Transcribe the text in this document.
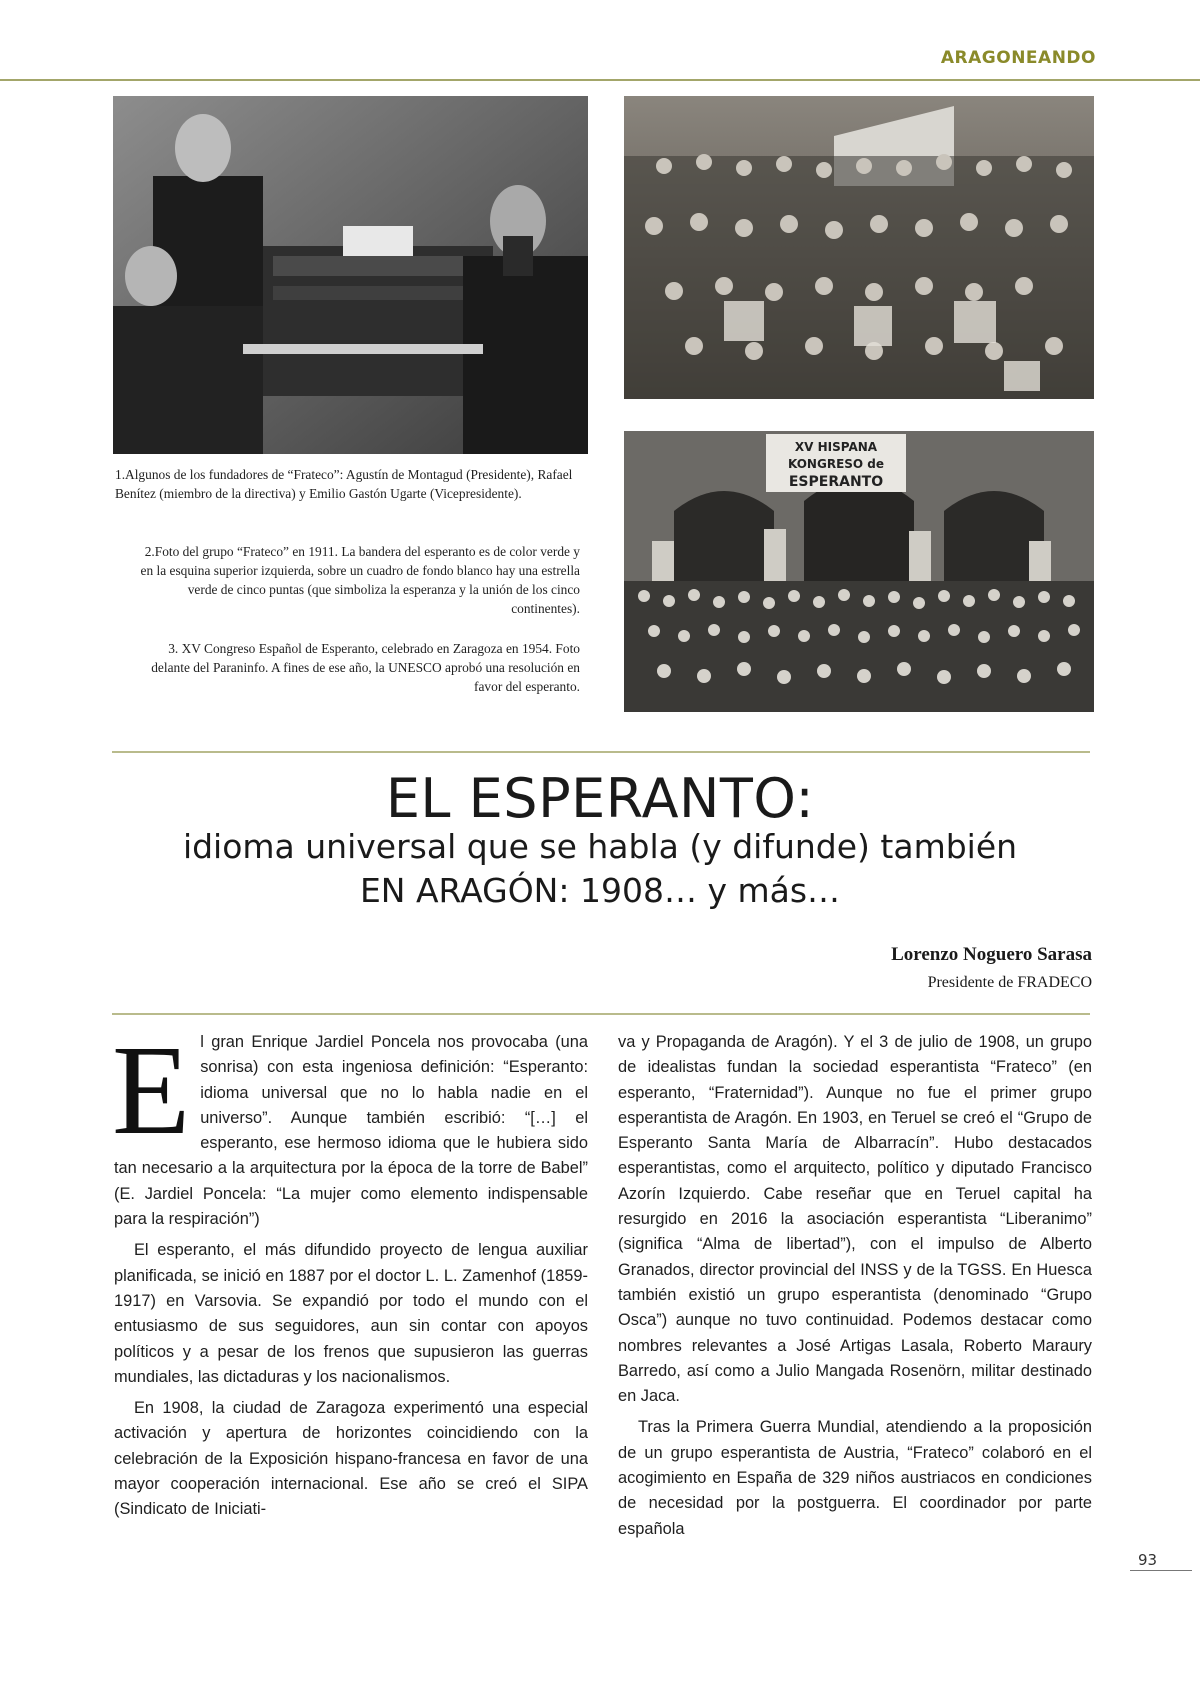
ARAGONEANDO
XV HISPANA
KONGRESO de
ESPERANTO
1.Algunos de los fundadores de “Frateco”: Agustín de Montagud (Presidente), Rafael Benítez (miembro de la directiva) y Emilio Gastón Ugarte (Vicepresidente).
2.Foto del grupo “Frateco” en 1911. La bandera del esperanto es de color verde y en la esquina superior izquierda, sobre un cuadro de fondo blanco hay una estrella verde de cinco puntas (que simboliza la esperanza y la unión de los cinco continentes).
3. XV Congreso Español de Esperanto, celebrado en Zaragoza en 1954. Foto delante del Paraninfo. A fines de ese año, la UNESCO aprobó una resolución en favor del esperanto.
EL ESPERANTO:
idioma universal que se habla (y difunde) también
EN ARAGÓN: 1908… y más…
Lorenzo Noguero Sarasa
Presidente de FRADECO

El gran Enrique Jardiel Poncela nos provocaba (una sonrisa) con esta ingeniosa definición: “Esperanto: idioma universal que no lo habla nadie en el universo”. Aunque también escribió: “[…] el esperanto, ese hermoso idioma que le hubiera sido tan necesario a la arquitectura por la época de la torre de Babel” (E. Jardiel Poncela: “La mujer como elemento indispensable para la respiración”)

El esperanto, el más difundido proyecto de lengua auxiliar planificada, se inició en 1887 por el doctor L. L. Zamenhof (1859-1917) en Varsovia. Se expandió por todo el mundo con el entusiasmo de sus seguidores, aun sin contar con apoyos políticos y a pesar de los frenos que supusieron las guerras mundiales, las dictaduras y los nacionalismos.

En 1908, la ciudad de Zaragoza experimentó una especial activación y apertura de horizontes coincidiendo con la celebración de la Exposición hispano-francesa en favor de una mayor cooperación internacional. Ese año se creó el SIPA (Sindicato de Iniciati-

va y Propaganda de Aragón). Y el 3 de julio de 1908, un grupo de idealistas fundan la sociedad esperantista “Frateco” (en esperanto, “Fraternidad”). Aunque no fue el primer grupo esperantista de Aragón. En 1903, en Teruel se creó el “Grupo de Esperanto Santa María de Albarracín”. Hubo destacados esperantistas, como el arquitecto, político y diputado Francisco Azorín Izquierdo. Cabe reseñar que en Teruel capital ha resurgido en 2016 la asociación esperantista “Liberanimo” (significa “Alma de libertad”), con el impulso de Alberto Granados, director provincial del INSS y de la TGSS. En Huesca también existió un grupo esperantista (denominado “Grupo Osca”) aunque no tuvo continuidad. Podemos destacar como nombres relevantes a José Artigas Lasala, Roberto Maraury Barredo, así como a Julio Mangada Rosenörn, militar destinado en Jaca.

Tras la Primera Guerra Mundial, atendiendo a la proposición de un grupo esperantista de Austria, “Frateco” colaboró en el acogimiento en España de 329 niños austriacos en condiciones de necesidad por la postguerra. El coordinador por parte española

93
